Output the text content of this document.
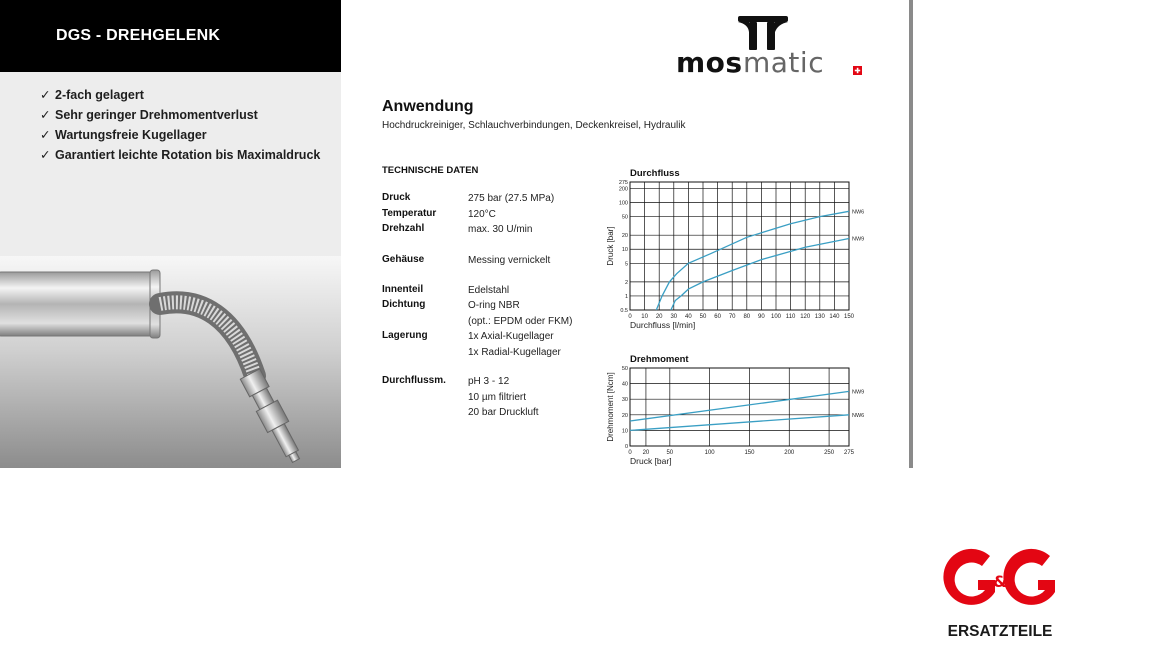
DGS - DREHGELENK
✓ 2-fach gelagert
✓ Sehr geringer Drehmomentverlust
✓ Wartungsfreie Kugellager
✓ Garantiert leichte Rotation bis Maximaldruck
mos matic
Anwendung
Hochdruckreiniger, Schlauchverbindungen, Deckenkreisel, Hydraulik
TECHNISCHE DATEN
Druck	275 bar (27.5 MPa)
Temperatur	120°C
Drehzahl	max. 30 U/min
Gehäuse	Messing vernickelt
Innenteil	Edelstahl
Dichtung	O-ring NBR
(opt.: EPDM oder FKM)
Lagerung	1x Axial-Kugellager
1x Radial-Kugellager
Durchflussm. pH 3 - 12
10 µm filtriert
20 bar Druckluft
Durchfluss
0 10 20 30 40 50 60 70 80 90 100 110 120 130 140 150
0.5
1
2
5
10
20
50
100
200
275
NW6
NW9
Durchfluss [l/min]
Druck [bar]
Drehmoment
0 20	50	100	150	200	250 275
0
10
20
30
40
50
NW9
NW6
Druck [bar]
Drehmoment [Ncm]
&
ERSATZTEILE
